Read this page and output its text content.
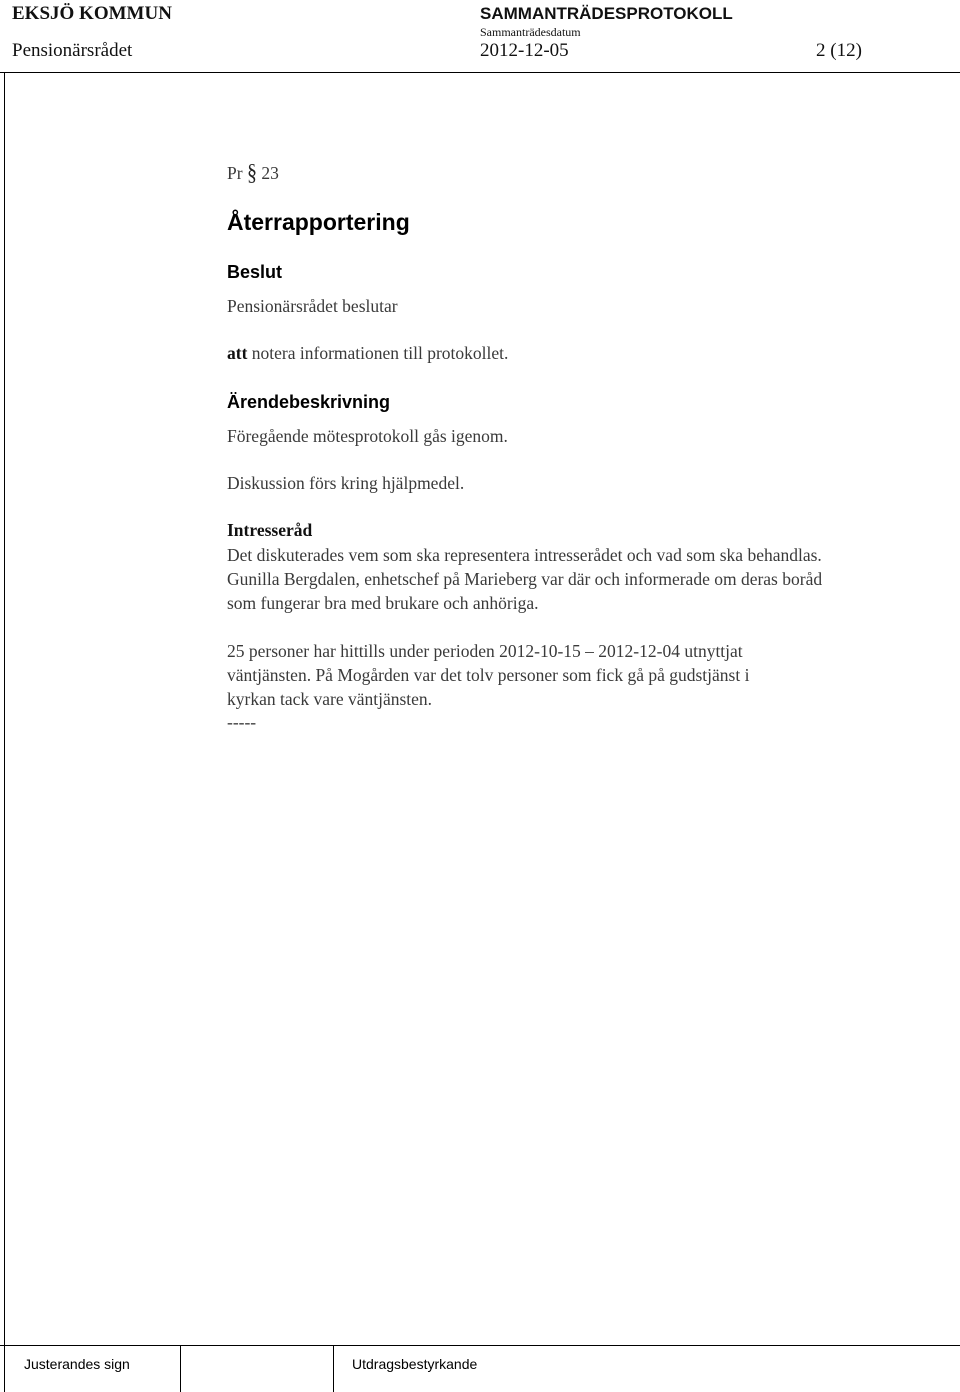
EKSJÖ KOMMUN	SAMMANTRÄDESPROTOKOLL
Sammanträdesdatum
Pensionärsrådet	2012-12-05	2 (12)
Pr § 23
Återrapportering
Beslut
Pensionärsrådet beslutar
att notera informationen till protokollet.
Ärendebeskrivning
Föregående mötesprotokoll gås igenom.
Diskussion förs kring hjälpmedel.
Intresseråd
Det diskuterades vem som ska representera intresserådet och vad som ska behandlas.
Gunilla Bergdalen, enhetschef på Marieberg var där och informerade om deras boråd
som fungerar bra med brukare och anhöriga.
25 personer har hittills under perioden 2012-10-15 – 2012-12-04 utnyttjat
väntjänsten. På Mogården var det tolv personer som fick gå på gudstjänst i
kyrkan tack vare väntjänsten.
-----
Justerandes sign	Utdragsbestyrkande
